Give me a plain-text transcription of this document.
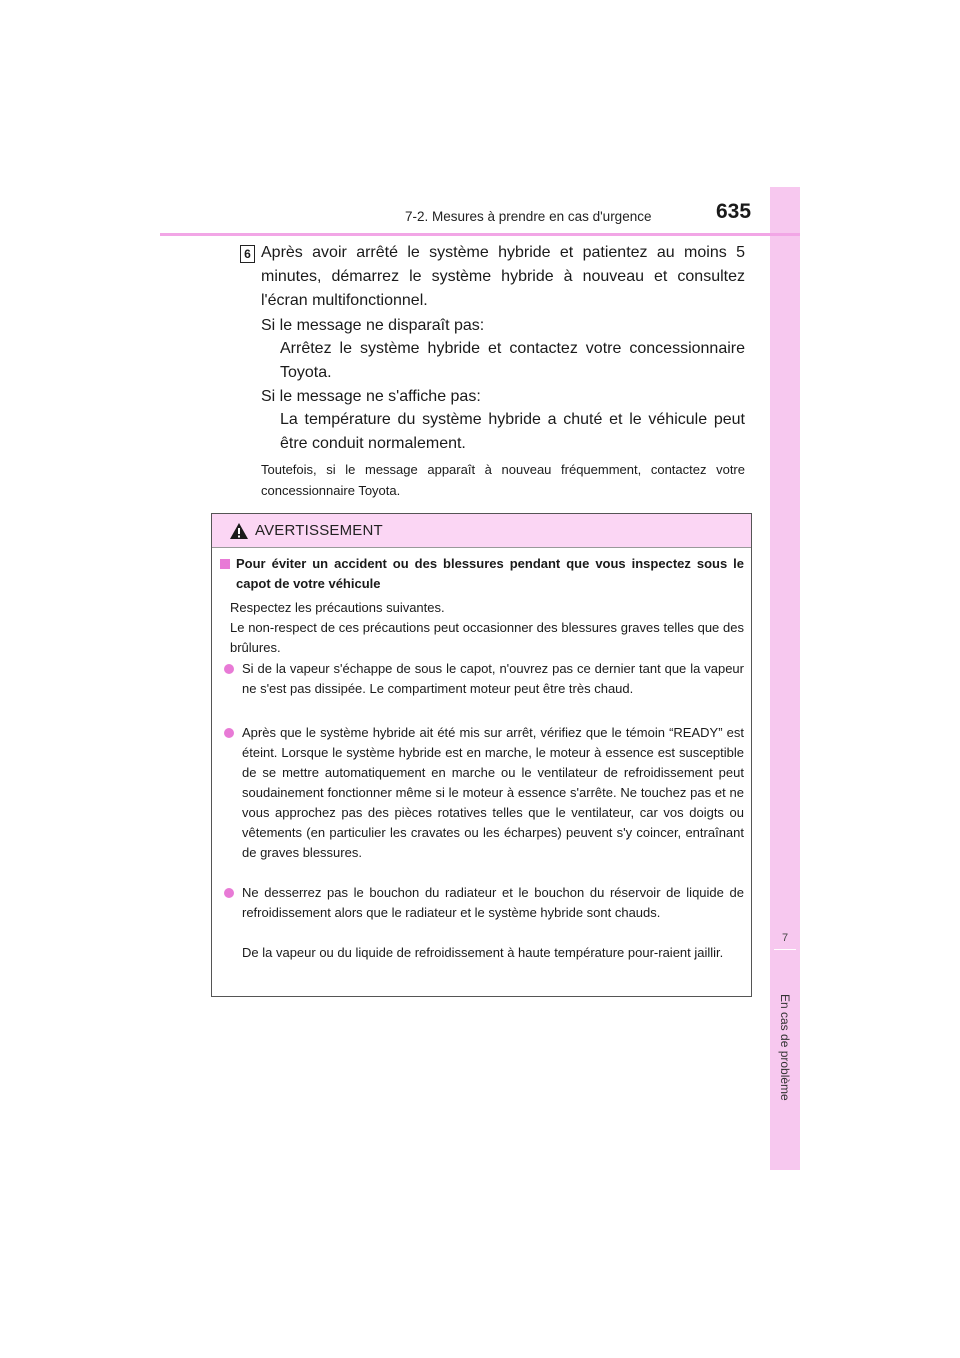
7
En cas de problème
7-2. Mesures à prendre en cas d'urgence	635
6 Après avoir arrêté le système hybride et patientez au moins 5 minutes, démarrez le système hybride à nouveau et consultez l'écran multifonctionnel.

Si le message ne disparaît pas:

Arrêtez le système hybride et contactez votre concessionnaire Toyota.

Si le message ne s'affiche pas:

La température du système hybride a chuté et le véhicule peut être conduit normalement.

Toutefois, si le message apparaît à nouveau fréquemment, contactez votre concessionnaire Toyota.

AVERTISSEMENT

Pour éviter un accident ou des blessures pendant que vous inspectez sous le capot de votre véhicule

Respectez les précautions suivantes.

Le non-respect de ces précautions peut occasionner des blessures graves telles que des brûlures.

Si de la vapeur s'échappe de sous le capot, n'ouvrez pas ce dernier tant que la vapeur ne s'est pas dissipée. Le compartiment moteur peut être très chaud.

Après que le système hybride ait été mis sur arrêt, vérifiez que le témoin “READY” est éteint. Lorsque le système hybride est en marche, le moteur à essence est susceptible de se mettre automatiquement en marche ou le ventilateur de refroidissement peut soudainement fonctionner même si le moteur à essence s'arrête. Ne touchez pas et ne vous approchez pas des pièces rotatives telles que le ventilateur, car vos doigts ou vêtements (en particulier les cravates ou les écharpes) peuvent s'y coincer, entraînant de graves blessures.

Ne desserrez pas le bouchon du radiateur et le bouchon du réservoir de liquide de refroidissement alors que le radiateur et le système hybride sont chauds.

De la vapeur ou du liquide de refroidissement à haute température pour-raient jaillir.
